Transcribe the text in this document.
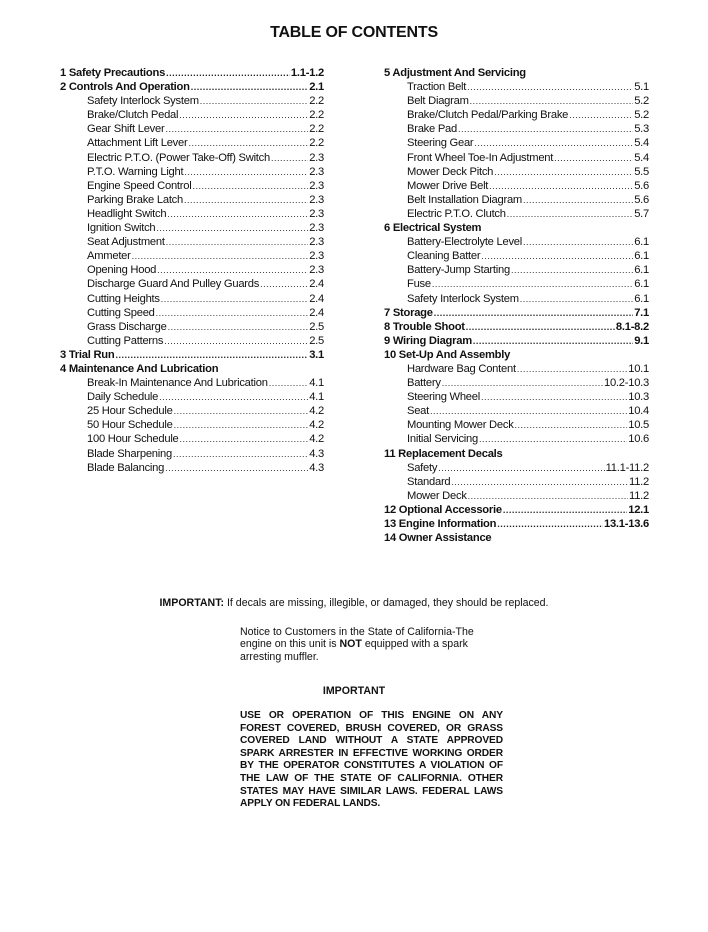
TABLE OF CONTENTS
1 Safety Precautions .....	1.1-1.2
2 Controls And Operation .....	2.1
Safety Interlock System .....	2.2
Brake/Clutch Pedal .....	2.2
Gear Shift Lever .....	2.2
Attachment Lift Lever .....	2.2
Electric P.T.O. (Power Take-Off) Switch .....	2.3
P.T.O. Warning Light .....	2.3
Engine Speed Control .....	2.3
Parking Brake Latch .....	2.3
Headlight Switch .....	2.3
Ignition Switch .....	2.3
Seat Adjustment .....	2.3
Ammeter .....	2.3
Opening Hood .....	2.3
Discharge Guard And Pulley Guards .....	2.4
Cutting Heights .....	2.4
Cutting Speed .....	2.4
Grass Discharge .....	2.5
Cutting Patterns .....	2.5
3 Trial Run .....	3.1
4 Maintenance And Lubrication
Break-In Maintenance And Lubrication .....	4.1
Daily Schedule .....	4.1
25 Hour Schedule .....	4.2
50 Hour Schedule .....	4.2
100 Hour Schedule .....	4.2
Blade Sharpening .....	4.3
Blade Balancing .....	4.3
5 Adjustment And Servicing
Traction Belt .....	5.1
Belt Diagram .....	5.2
Brake/Clutch Pedal/Parking Brake .....	5.2
Brake Pad .....	5.3
Steering Gear .....	5.4
Front Wheel Toe-In Adjustment .....	5.4
Mower Deck Pitch .....	5.5
Mower Drive Belt .....	5.6
Belt Installation Diagram .....	5.6
Electric P.T.O. Clutch .....	5.7
6 Electrical System
Battery-Electrolyte Level .....	6.1
Cleaning Batter .....	6.1
Battery-Jump Starting .....	6.1
Fuse .....	6.1
Safety Interlock System .....	6.1
7 Storage .....	7.1
8 Trouble Shoot .....	8.1-8.2
9 Wiring Diagram .....	9.1
10 Set-Up And Assembly
Hardware Bag Content .....	10.1
Battery .....	10.2-10.3
Steering Wheel .....	10.3
Seat .....	10.4
Mounting Mower Deck .....	10.5
Initial Servicing .....	10.6
11 Replacement Decals
Safety .....	11.1-11.2
Standard .....	11.2
Mower Deck .....	11.2
12 Optional Accessorie .....	12.1
13 Engine Information .....	13.1-13.6
14 Owner Assistance
IMPORTANT: If decals are missing, illegible, or damaged, they should be replaced.
Notice to Customers in the State of California-The engine on this unit is NOT equipped with a spark arresting muffler.
IMPORTANT
USE OR OPERATION OF THIS ENGINE ON ANY FOREST COVERED, BRUSH COVERED, OR GRASS COVERED LAND WITHOUT A STATE APPROVED SPARK ARRESTER IN EFFECTIVE WORKING ORDER BY THE OPERATOR CONSTITUTES A VIOLATION OF THE LAW OF THE STATE OF CALIFORNIA. OTHER STATES MAY HAVE SIMILAR LAWS. FEDERAL LAWS APPLY ON FEDERAL LANDS.
